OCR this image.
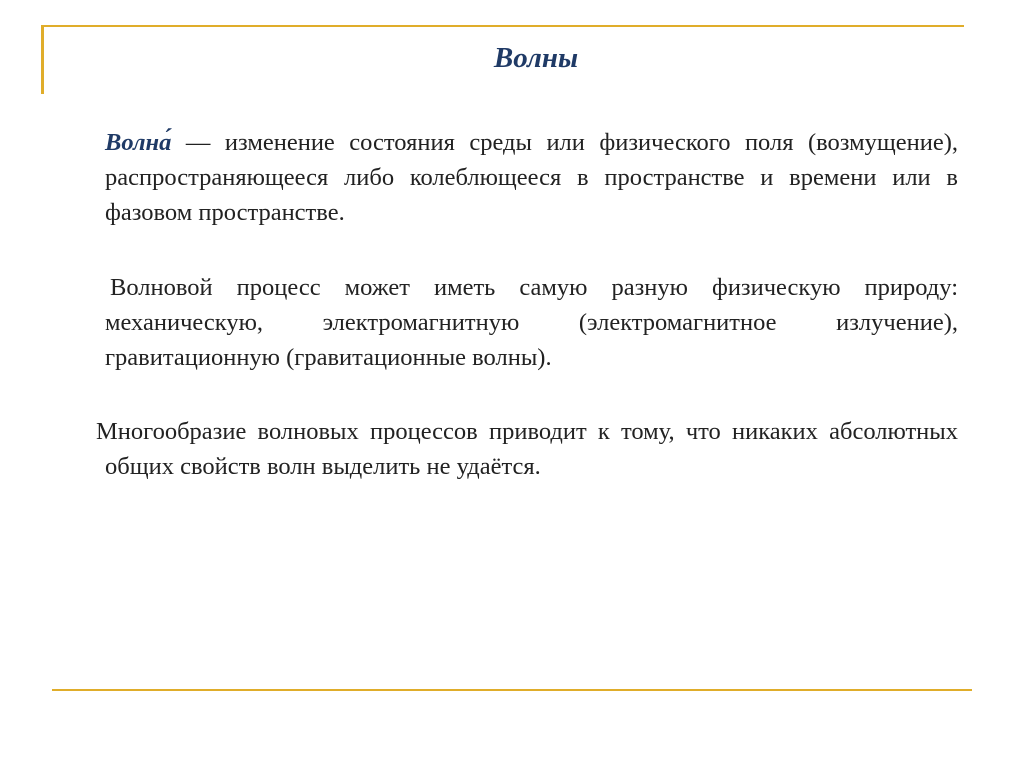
Волны

Волна́ — изменение состояния среды или физического поля (возмущение), распространяющееся либо колеблющееся в пространстве и времени или в фазовом пространстве.

Волновой процесс может иметь самую разную физическую природу: механическую, электромагнитную (электромагнитное излучение), гравитационную (гравитационные волны).

Многообразие волновых процессов приводит к тому, что никаких абсолютных общих свойств волн выделить не удаётся.
